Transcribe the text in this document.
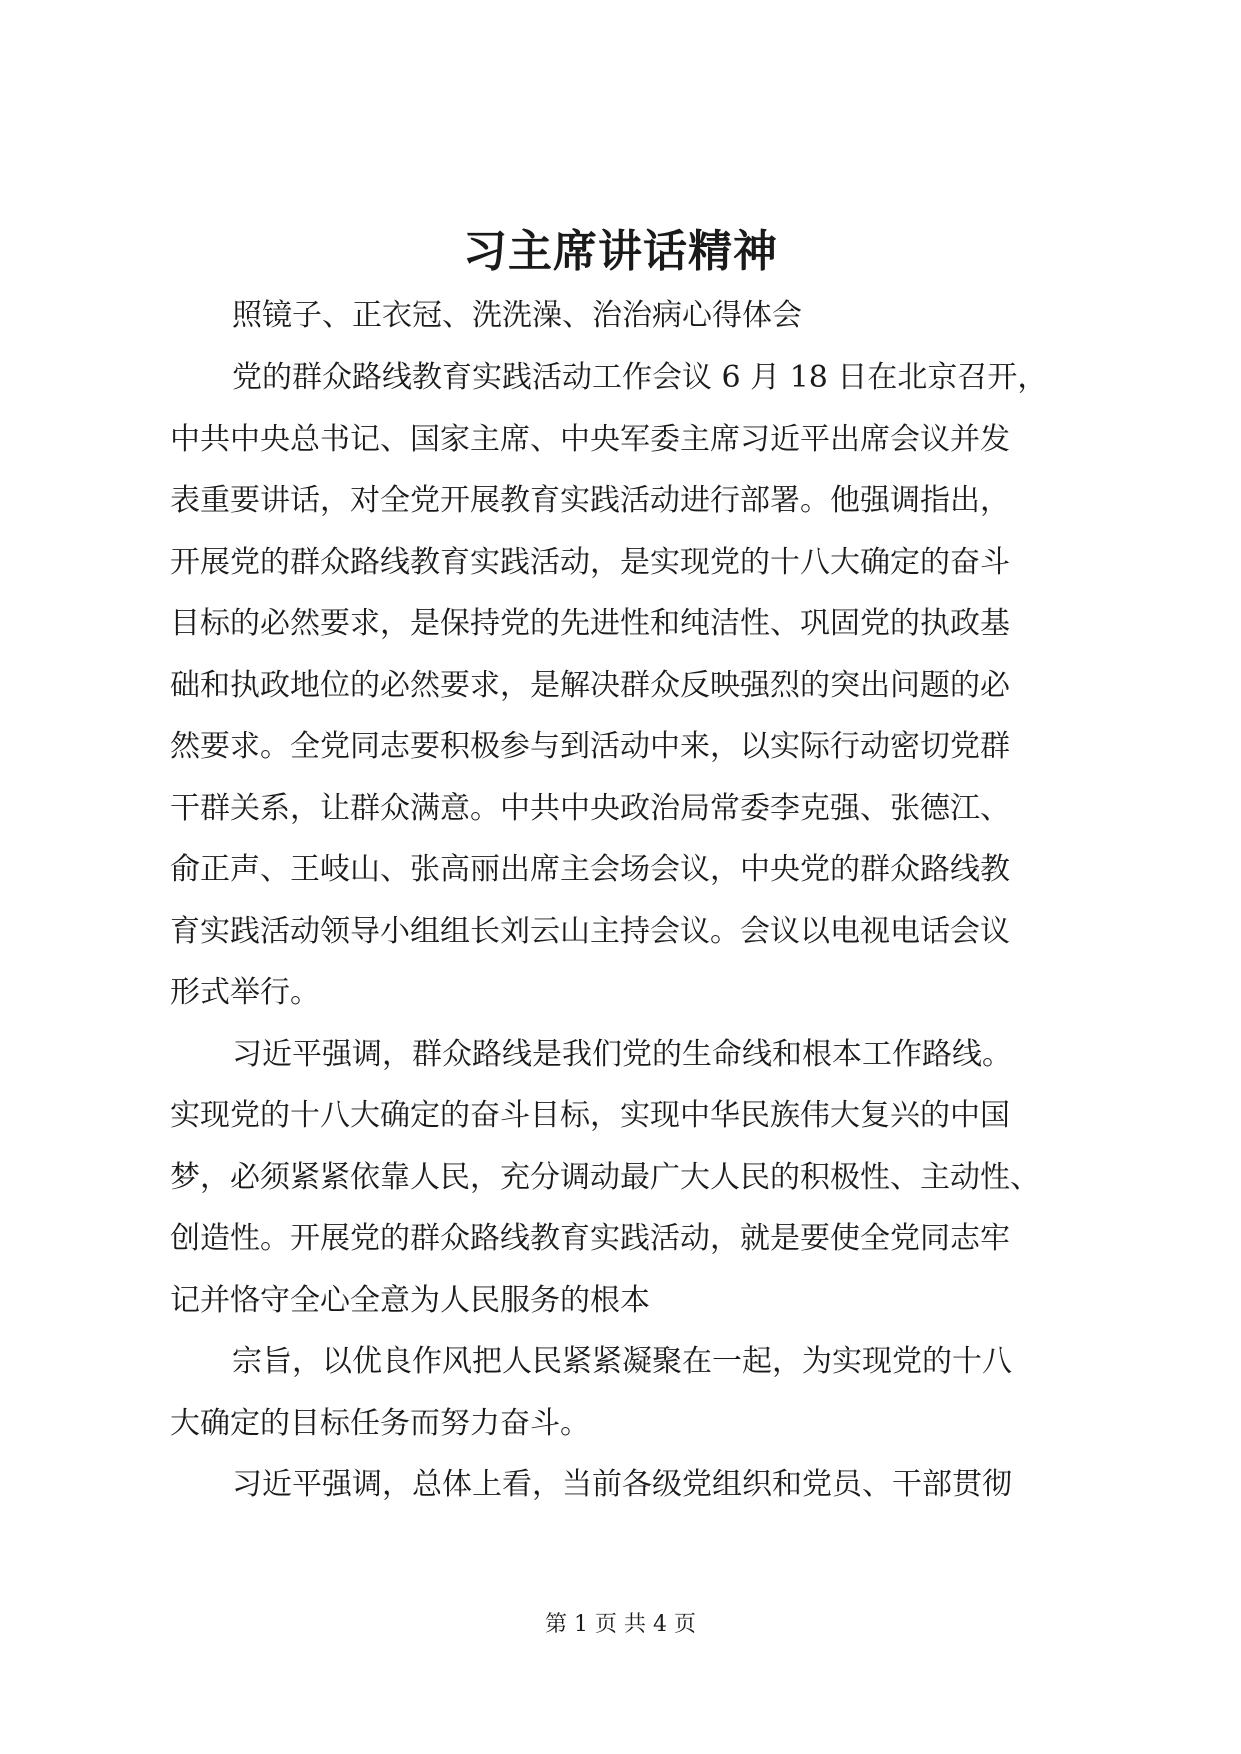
习主席讲话精神
照镜子、正衣冠、洗洗澡、治治病心得体会
党的群众路线教育实践活动工作会议 6 月 18 日在北京召开，
中共中央总书记、国家主席、中央军委主席习近平出席会议并发
表重要讲话，对全党开展教育实践活动进行部署。他强调指出，
开展党的群众路线教育实践活动，是实现党的十八大确定的奋斗
目标的必然要求，是保持党的先进性和纯洁性、巩固党的执政基
础和执政地位的必然要求，是解决群众反映强烈的突出问题的必
然要求。全党同志要积极参与到活动中来，以实际行动密切党群
干群关系，让群众满意。中共中央政治局常委李克强、张德江、
俞正声、王岐山、张高丽出席主会场会议，中央党的群众路线教
育实践活动领导小组组长刘云山主持会议。会议以电视电话会议
形式举行。
习近平强调，群众路线是我们党的生命线和根本工作路线。
实现党的十八大确定的奋斗目标，实现中华民族伟大复兴的中国
梦，必须紧紧依靠人民，充分调动最广大人民的积极性、主动性、
创造性。开展党的群众路线教育实践活动，就是要使全党同志牢
记并恪守全心全意为人民服务的根本
宗旨，以优良作风把人民紧紧凝聚在一起，为实现党的十八
大确定的目标任务而努力奋斗。
习近平强调，总体上看，当前各级党组织和党员、干部贯彻
第 1 页 共 4 页
